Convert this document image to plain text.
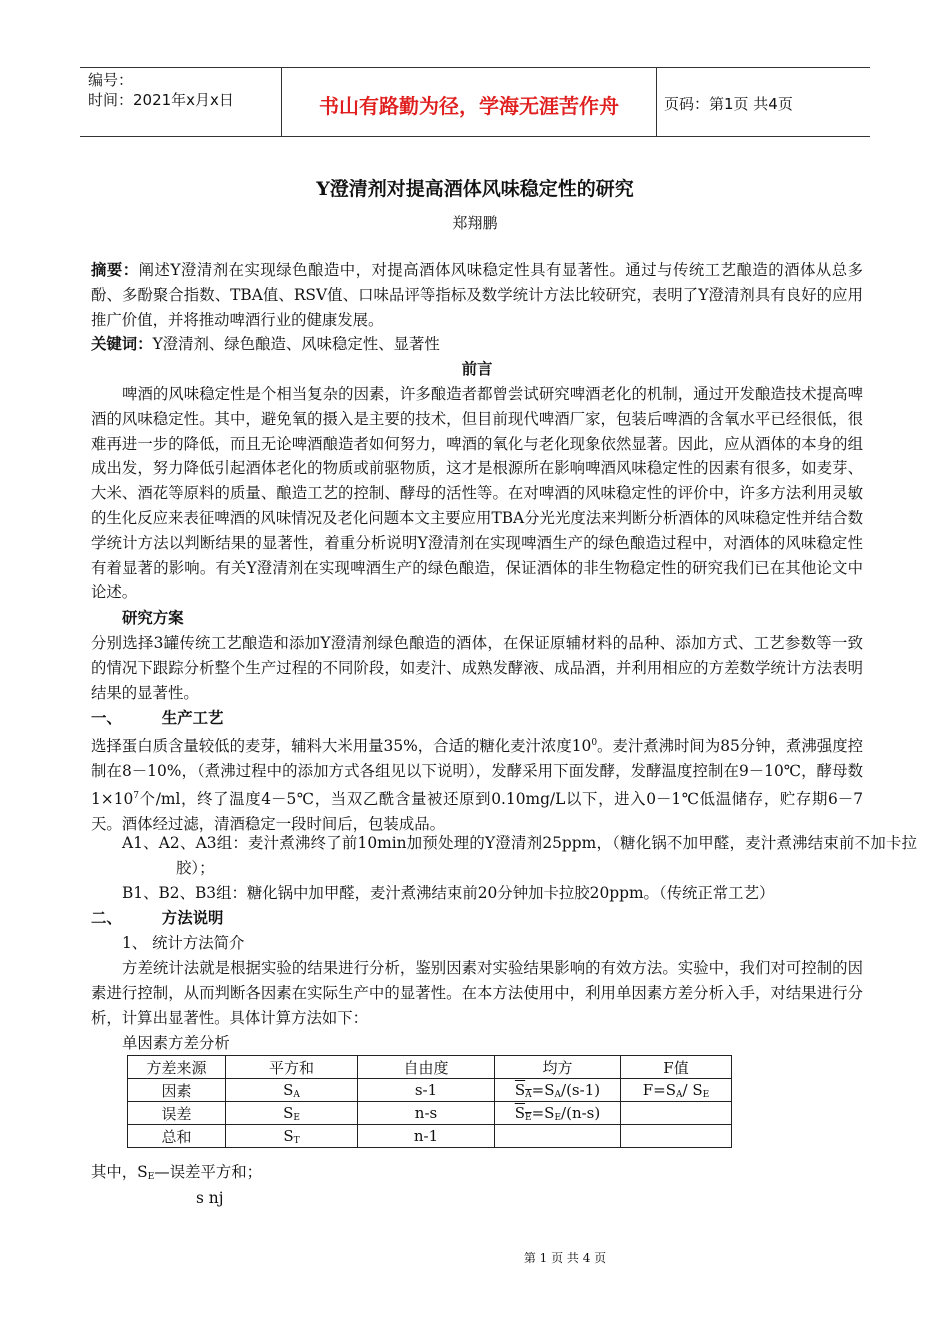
编号：
时间：2021年x月x日	书山有路勤为径，学海无涯苦作舟	页码：第1页 共4页
Y澄清剂对提高酒体风味稳定性的研究
郑翔鹏
摘要：阐述Y澄清剂在实现绿色酿造中，对提高酒体风味稳定性具有显著性。通过与传统工艺酿造的酒体从总多酚、多酚聚合指数、TBA值、RSV值、口味品评等指标及数学统计方法比较研究，表明了Y澄清剂具有良好的应用推广价值，并将推动啤酒行业的健康发展。
关键词：Y澄清剂、绿色酿造、风味稳定性、显著性
前言
啤酒的风味稳定性是个相当复杂的因素，许多酿造者都曾尝试研究啤酒老化的机制，通过开发酿造技术提高啤酒的风味稳定性。其中，避免氧的摄入是主要的技术，但目前现代啤酒厂家，包装后啤酒的含氧水平已经很低，很难再进一步的降低，而且无论啤酒酿造者如何努力，啤酒的氧化与老化现象依然显著。因此，应从酒体的本身的组成出发，努力降低引起酒体老化的物质或前驱物质，这才是根源所在影响啤酒风味稳定性的因素有很多，如麦芽、大米、酒花等原料的质量、酿造工艺的控制、酵母的活性等。在对啤酒的风味稳定性的评价中，许多方法利用灵敏的生化反应来表征啤酒的风味情况及老化问题本文主要应用TBA分光光度法来判断分析酒体的风味稳定性并结合数学统计方法以判断结果的显著性，着重分析说明Y澄清剂在实现啤酒生产的绿色酿造过程中，对酒体的风味稳定性有着显著的影响。有关Y澄清剂在实现啤酒生产的绿色酿造，保证酒体的非生物稳定性的研究我们已在其他论文中论述。
研究方案
分别选择3罐传统工艺酿造和添加Y澄清剂绿色酿造的酒体，在保证原辅材料的品种、添加方式、工艺参数等一致的情况下跟踪分析整个生产过程的不同阶段，如麦汁、成熟发酵液、成品酒，并利用相应的方差数学统计方法表明结果的显著性。
一、	生产工艺
选择蛋白质含量较低的麦芽，辅料大米用量35%，合适的糖化麦汁浓度$10^0$。麦汁煮沸时间为85分钟，煮沸强度控制在8－10%，（煮沸过程中的添加方式各组见以下说明），发酵采用下面发酵，发酵温度控制在9－10℃，酵母数$1\times 10^7$个/ml，终了温度4－5℃，当双乙酰含量被还原到0.10mg/L以下，进入0－1℃低温储存，贮存期6－7天。酒体经过滤，清酒稳定一段时间后，包装成品。
A1、A2、A3组：麦汁煮沸终了前10min加预处理的Y澄清剂25ppm，（糖化锅不加甲醛，麦汁煮沸结束前不加卡拉胶）；
B1、B2、B3组：糖化锅中加甲醛，麦汁煮沸结束前20分钟加卡拉胶20ppm。（传统正常工艺）
二、	方法说明
1、 统计方法简介
方差统计法就是根据实验的结果进行分析，鉴别因素对实验结果影响的有效方法。实验中，我们对可控制的因素进行控制，从而判断各因素在实际生产中的显著性。在本方法使用中，利用单因素方差分析入手，对结果进行分析，计算出显著性。具体计算方法如下：
单因素方差分析
方差来源	平方和	自由度	均方	F值
因素	$S_A$	s-1	$S_A=S_A/(s-1)$	$F=S_A/$ $S_E$
误差	$S_E$	n-s	$S_E=S_E/(n-s)$	
总和	$S_T$	n-1		
其中，$S_E—$误差平方和；
s nj
第 1 页 共 4 页
